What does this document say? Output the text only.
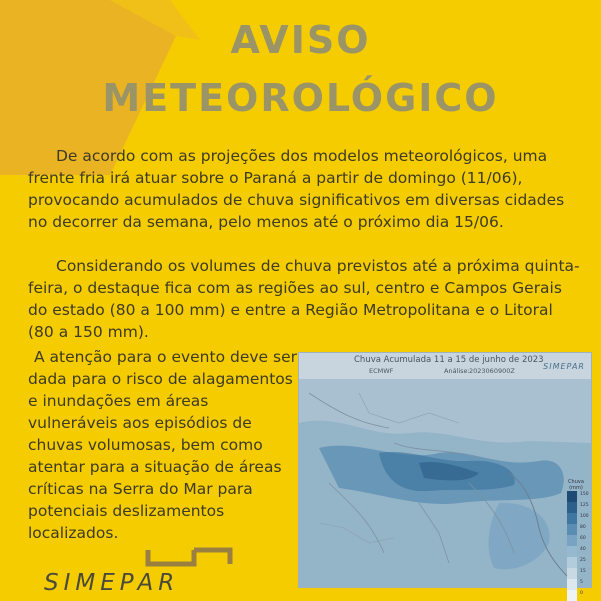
AVISO
METEOROLÓGICO
De acordo com as projeções dos modelos meteorológicos, uma frente fria irá atuar sobre o Paraná a partir de domingo (11/06), provocando acumulados de chuva significativos em diversas cidades no decorrer da semana, pelo menos até o próximo dia 15/06.
Considerando os volumes de chuva previstos até a próxima quinta-feira, o destaque fica com as regiões ao sul, centro e Campos Gerais do estado (80 a 100 mm) e entre a Região Metropolitana e o Litoral (80 a 150 mm).
A atenção para o evento deve ser dada para o risco de alagamentos e inundações em áreas vulneráveis aos episódios de chuvas volumosas, bem como atentar para a situação de áreas críticas na Serra do Mar para potenciais deslizamentos localizados.
Chuva Acumulada 11 a 15 de junho de 2023
ECMWF	Análise: 2023060900Z	SIMEPAR
Chuva (mm)
150
125
100
80
60
40
25
15
5
0
SIMEPAR
